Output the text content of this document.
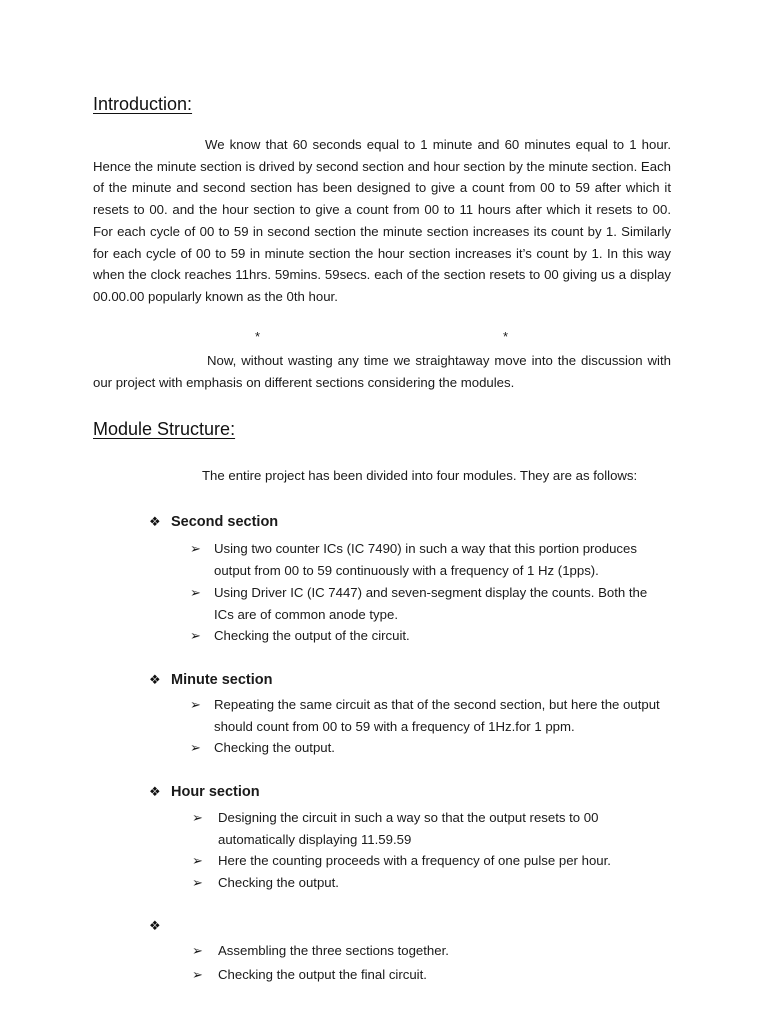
Introduction:

We know that 60 seconds equal to 1 minute and 60 minutes equal to 1 hour. Hence the minute section is drived by second section and hour section by the minute section. Each of the minute and second section has been designed to give a count from 00 to 59 after which it resets to 00. and the hour section to give a count from 00 to 11 hours after which it resets to 00. For each cycle of 00 to 59 in second section the minute section increases its count by 1. Similarly for each cycle of 00 to 59 in minute section the hour section increases it’s count by 1. In this way when the clock reaches 11hrs. 59mins. 59secs. each of the section resets to 00 giving us a display 00.00.00 popularly known as the 0th hour.

*	*

Now, without wasting any time we straightaway move into the discussion with our project with emphasis on different sections considering the modules.

Module Structure:

The entire project has been divided into four modules. They are as follows:

❖ Second section
➢ Using two counter ICs (IC 7490) in such a way that this portion produces output from 00 to 59 continuously with a frequency of 1 Hz (1pps).
➢ Using Driver IC (IC 7447) and seven-segment display the counts. Both the ICs are of common anode type.
➢ Checking the output of the circuit.
❖ Minute section
➢ Repeating the same circuit as that of the second section, but here the output should count from 00 to 59 with a frequency of 1Hz.for 1 ppm.
➢ Checking the output.
❖ Hour section
➢	Designing the circuit in such a way so that the output resets to 00 automatically displaying 11.59.59
➢	Here the counting proceeds with a frequency of one pulse per hour.
➢	Checking the output.
❖
➢	Assembling the three sections together.
➢	Checking the output the final circuit.
